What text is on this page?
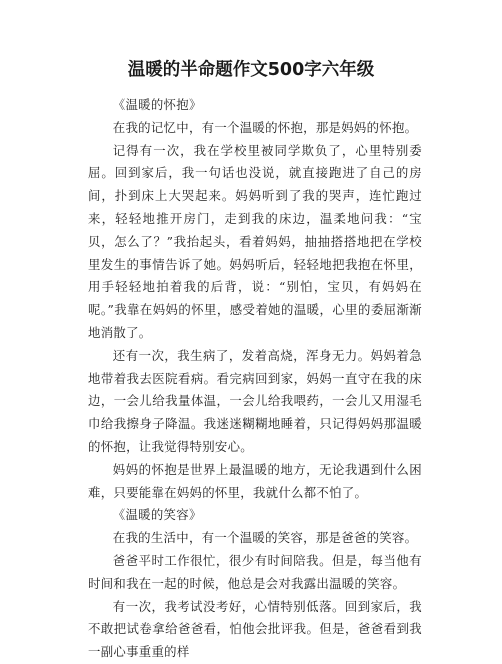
温暖的半命题作文500字六年级

《温暖的怀抱》

在我的记忆中，有一个温暖的怀抱，那是妈妈的怀抱。

记得有一次，我在学校里被同学欺负了，心里特别委屈。回到家后，我一句话也没说，就直接跑进了自己的房间，扑到床上大哭起来。妈妈听到了我的哭声，连忙跑过来，轻轻地推开房门，走到我的床边，温柔地问我：“宝贝，怎么了？”我抬起头，看着妈妈，抽抽搭搭地把在学校里发生的事情告诉了她。妈妈听后，轻轻地把我抱在怀里，用手轻轻地拍着我的后背，说：“别怕，宝贝，有妈妈在呢。”我靠在妈妈的怀里，感受着她的温暖，心里的委屈渐渐地消散了。

还有一次，我生病了，发着高烧，浑身无力。妈妈着急地带着我去医院看病。看完病回到家，妈妈一直守在我的床边，一会儿给我量体温，一会儿给我喂药，一会儿又用湿毛巾给我擦身子降温。我迷迷糊糊地睡着，只记得妈妈那温暖的怀抱，让我觉得特别安心。

妈妈的怀抱是世界上最温暖的地方，无论我遇到什么困难，只要能靠在妈妈的怀里，我就什么都不怕了。

《温暖的笑容》

在我的生活中，有一个温暖的笑容，那是爸爸的笑容。

爸爸平时工作很忙，很少有时间陪我。但是，每当他有时间和我在一起的时候，他总是会对我露出温暖的笑容。

有一次，我考试没考好，心情特别低落。回到家后，我不敢把试卷拿给爸爸看，怕他会批评我。但是，爸爸看到我一副心事重重的样
